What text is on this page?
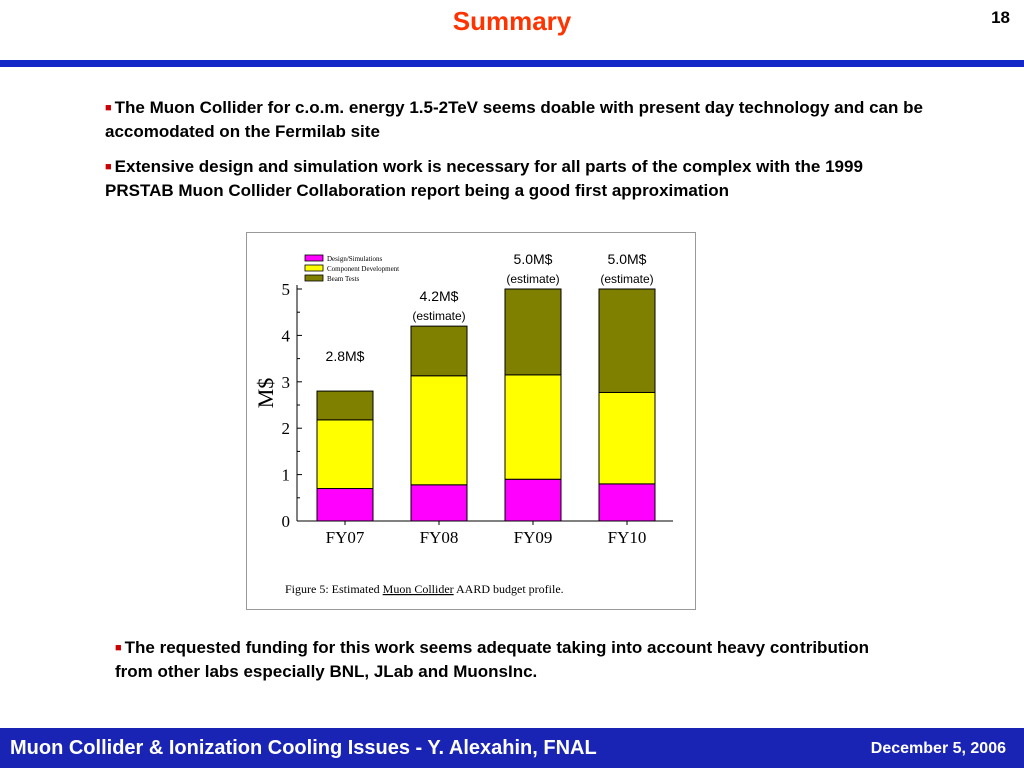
Summary	18
■ The Muon Collider for c.o.m. energy 1.5-2TeV seems doable with present day technology and can be accomodated on the Fermilab site
■ Extensive design and simulation work is necessary for all parts of the complex with the 1999 PRSTAB Muon Collider Collaboration report being a good first approximation
0
1
2
3
4
5
M$
FY07
2.8M$
FY08
(estimate)
4.2M$
FY09
(estimate)
5.0M$
FY10
(estimate)
5.0M$
Design/Simulations
Component Development
Beam Tests
Figure 5: Estimated Muon Collider AARD budget profile.
■ The requested funding for this work seems adequate taking into account heavy contribution from other labs especially BNL, JLab and MuonsInc.
Muon Collider & Ionization Cooling Issues - Y. Alexahin, FNAL	December 5, 2006
